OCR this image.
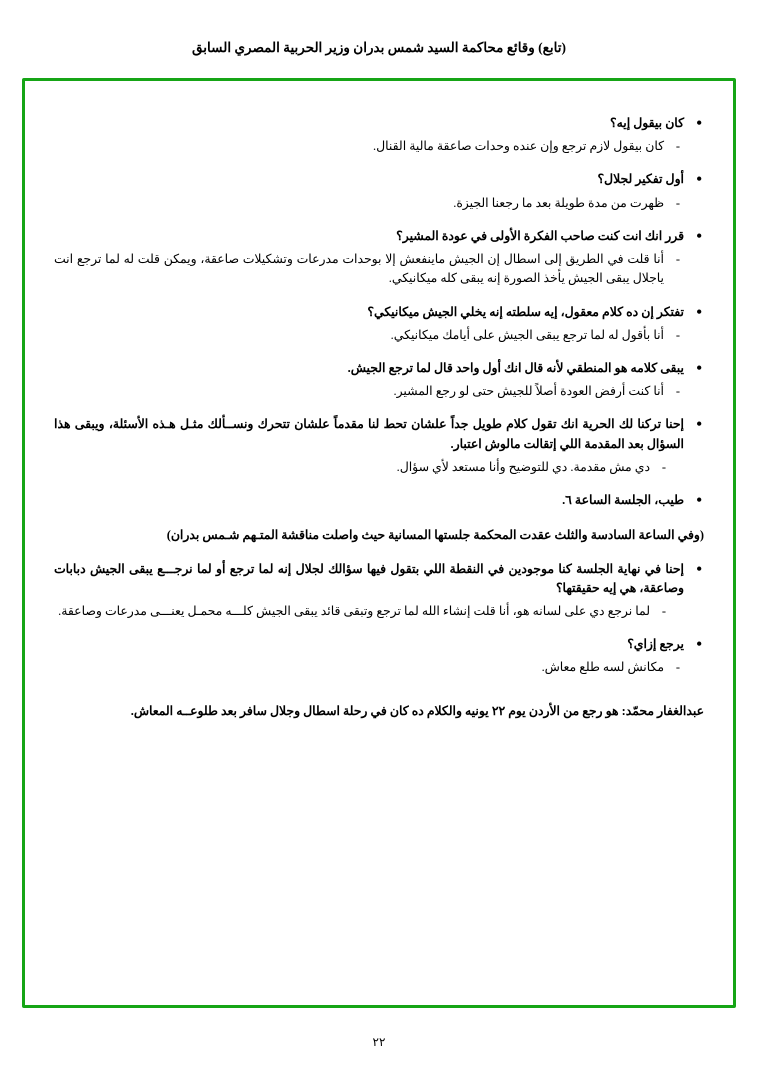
(تابع) وقائع محاكمة السيد شمس بدران وزير الحربية المصري السابق
• كان بيقول إيه؟
- كان بيقول لازم ترجع وإن عنده وحدات صاعقة مالية القنال.
• أول تفكير لجلال؟
- ظهرت من مدة طويلة بعد ما رجعنا الجيزة.
• قرر انك انت كنت صاحب الفكرة الأولى في عودة المشير؟
- أنا قلت في الطريق إلى اسطال إن الجيش ماينفعش إلا بوحدات مدرعات وتشكيلات صاعقة، ويمكن قلت له لما ترجع انت ياجلال يبقى الجيش يأخذ الصورة إنه يبقى كله ميكانيكي.
• تفتكر إن ده كلام معقول، إيه سلطته إنه يخلي الجيش ميكانيكي؟
- أنا بأقول له لما ترجع يبقى الجيش على أيامك ميكانيكي.
• يبقى كلامه هو المنطقي لأنه قال انك أول واحد قال لما ترجع الجيش.
- أنا كنت أرفض العودة أصلاً للجيش حتى لو رجع المشير.
• إحنا تركنا لك الحرية انك تقول كلام طويل جداً علشان تحط لنا مقدماً علشان تتحرك ونســألك مثـل هـذه الأسئلة، ويبقى هذا السؤال بعد المقدمة اللي إتقالت مالوش اعتبار.
- دي مش مقدمة. دي للتوضيح وأنا مستعد لأي سؤال.
• طيب، الجلسة الساعة ٦.
(وفي الساعة السادسة والثلث عقدت المحكمة جلستها المسانية حيث واصلت مناقشة المتـهم شـمس بدران)
• إحنا في نهاية الجلسة كنا موجودين في النقطة اللي بتقول فيها سؤالك لجلال إنه لما ترجع أو لما نرجـــع يبقى الجيش دبابات وصاعقة، هي إيه حقيقتها؟
- لما نرجع دي على لسانه هو، أنا قلت إنشاء الله لما ترجع وتبقى قائد يبقى الجيش كلـــه محمـل يعنـــى مدرعات وصاعقة.
• يرجع إزاي؟
- مكانش لسه طلع معاش.
عبدالغفار محمّد: هو رجع من الأردن يوم ٢٢ يونيه والكلام ده كان في رحلة اسطال وجلال سافر بعد طلوعــه المعاش.
٢٢
